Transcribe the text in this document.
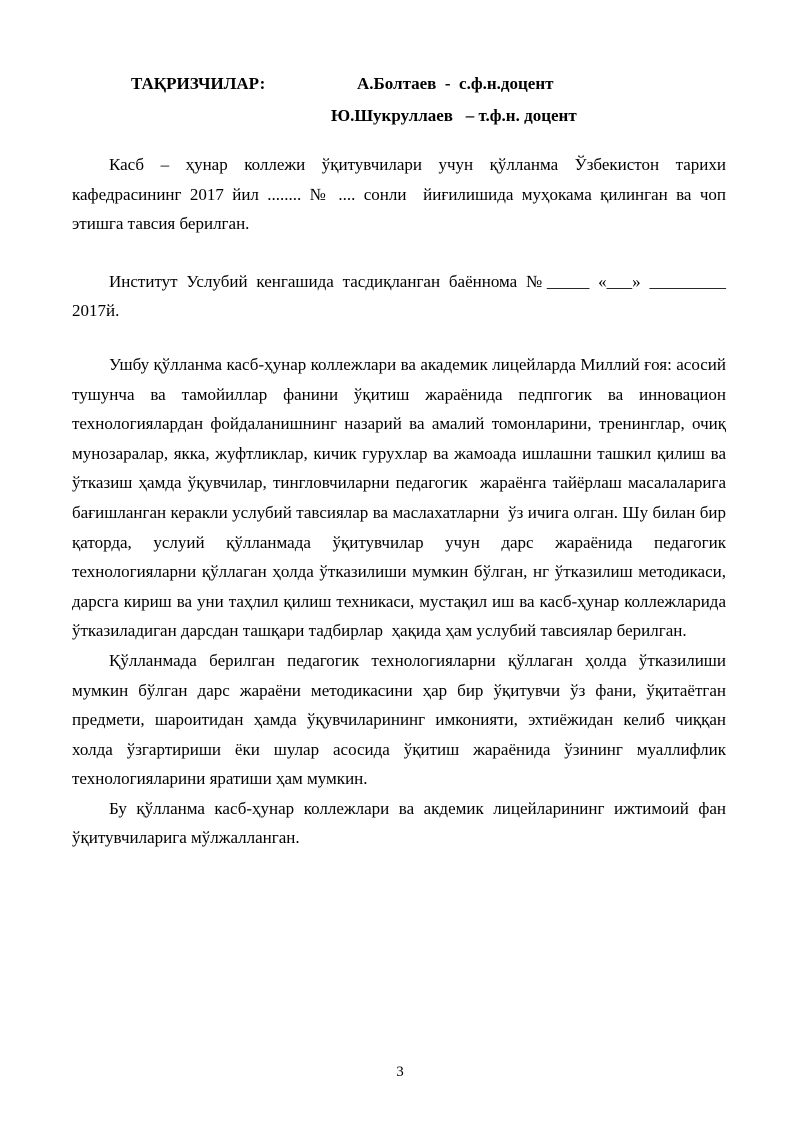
ТАҚРИЗЧИЛАР:	А.Болтаев  -  с.ф.н.доцент
Ю.Шукруллаев   – т.ф.н. доцент

Касб – ҳунар коллежи ўқитувчилари учун қўлланма Ўзбекистон тарихи кафедрасининг 2017 йил ........ № .... сонли  йиғилишида муҳокама қилинган ва чоп этишга тавсия берилган.

Институт Услубий кенгашида тасдиқланган баённома №_____ «___» _________ 2017й.

Ушбу қўлланма касб-ҳунар коллежлари ва академик лицейларда Миллий ғоя: асосий тушунча ва тамойиллар фанини ўқитиш жараёнида педпгогик ва инновацион технологиялардан фойдаланишнинг назарий ва амалий томонларини, тренинглар, очиқ мунозаралар, якка, жуфтликлар, кичик гурухлар ва жамоада ишлашни ташкил қилиш ва ўтказиш ҳамда ўқувчилар, тингловчиларни педагогик  жараёнга тайёрлаш масалаларига бағишланган керакли услубий тавсиялар ва маслахатларни  ўз ичига олган. Шу билан бир қаторда, услуий қўлланмада ўқитувчилар учун дарс жараёнида педагогик технологияларни қўллаган ҳолда ўтказилиши мумкин бўлган, нг ўтказилиш методикаси, дарсга кириш ва уни таҳлил қилиш техникаси, мустақил иш ва касб-ҳунар коллежларида ўтказиладиган дарсдан ташқари тадбирлар  ҳақида ҳам услубий тавсиялар берилган.

Қўлланмада берилган педагогик технологияларни қўллаган ҳолда ўтказилиши мумкин бўлган дарс жараёни методикасини ҳар бир ўқитувчи ўз фани, ўқитаётган предмети, шароитидан ҳамда ўқувчиларининг имконияти, эхтиёжидан келиб чиққан холда ўзгартириши ёки шулар асосида ўқитиш жараёнида ўзининг муаллифлик технологияларини яратиши ҳам мумкин.

Бу қўлланма касб-ҳунар коллежлари ва акдемик лицейларининг ижтимоий фан ўқитувчиларига мўлжалланган.

3
